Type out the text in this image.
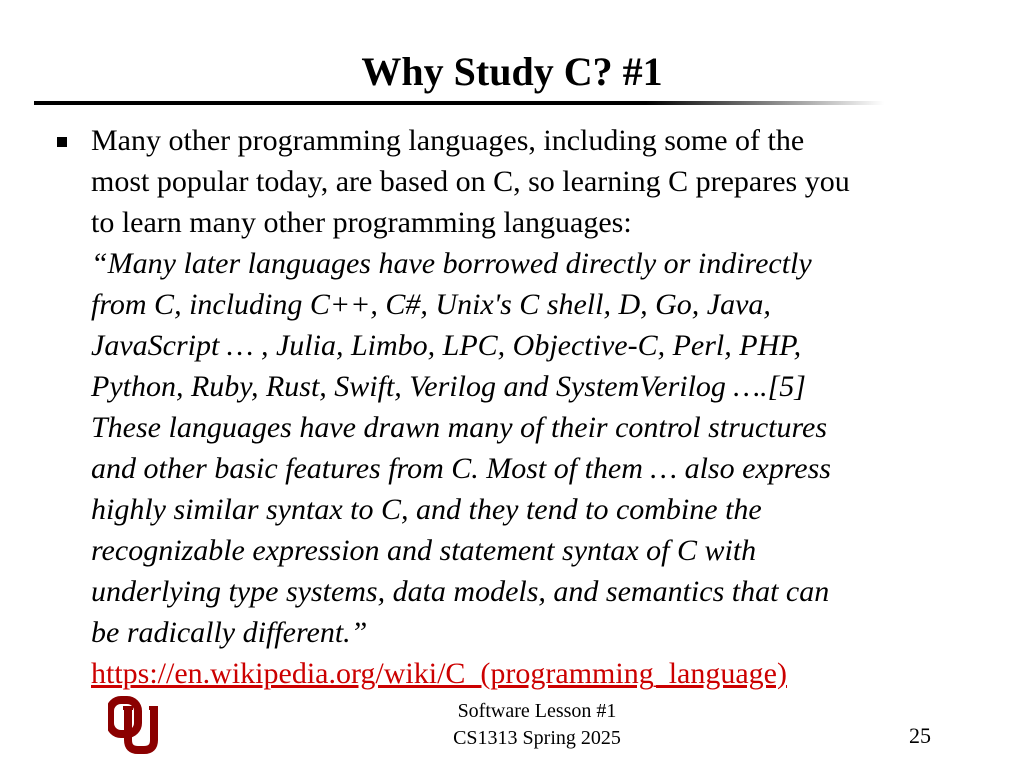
Why Study C? #1
Many other programming languages, including some of the
most popular today, are based on C, so learning C prepares you
to learn many other programming languages:
“Many later languages have borrowed directly or indirectly
from C, including C++, C#, Unix's C shell, D, Go, Java,
JavaScript … , Julia, Limbo, LPC, Objective-C, Perl, PHP,
Python, Ruby, Rust, Swift, Verilog and SystemVerilog ….[5]
These languages have drawn many of their control structures
and other basic features from C. Most of them … also express
highly similar syntax to C, and they tend to combine the
recognizable expression and statement syntax of C with
underlying type systems, data models, and semantics that can
be radically different.”
https://en.wikipedia.org/wiki/C_(programming_language)
Software Lesson #1
CS1313 Spring 2025	25
